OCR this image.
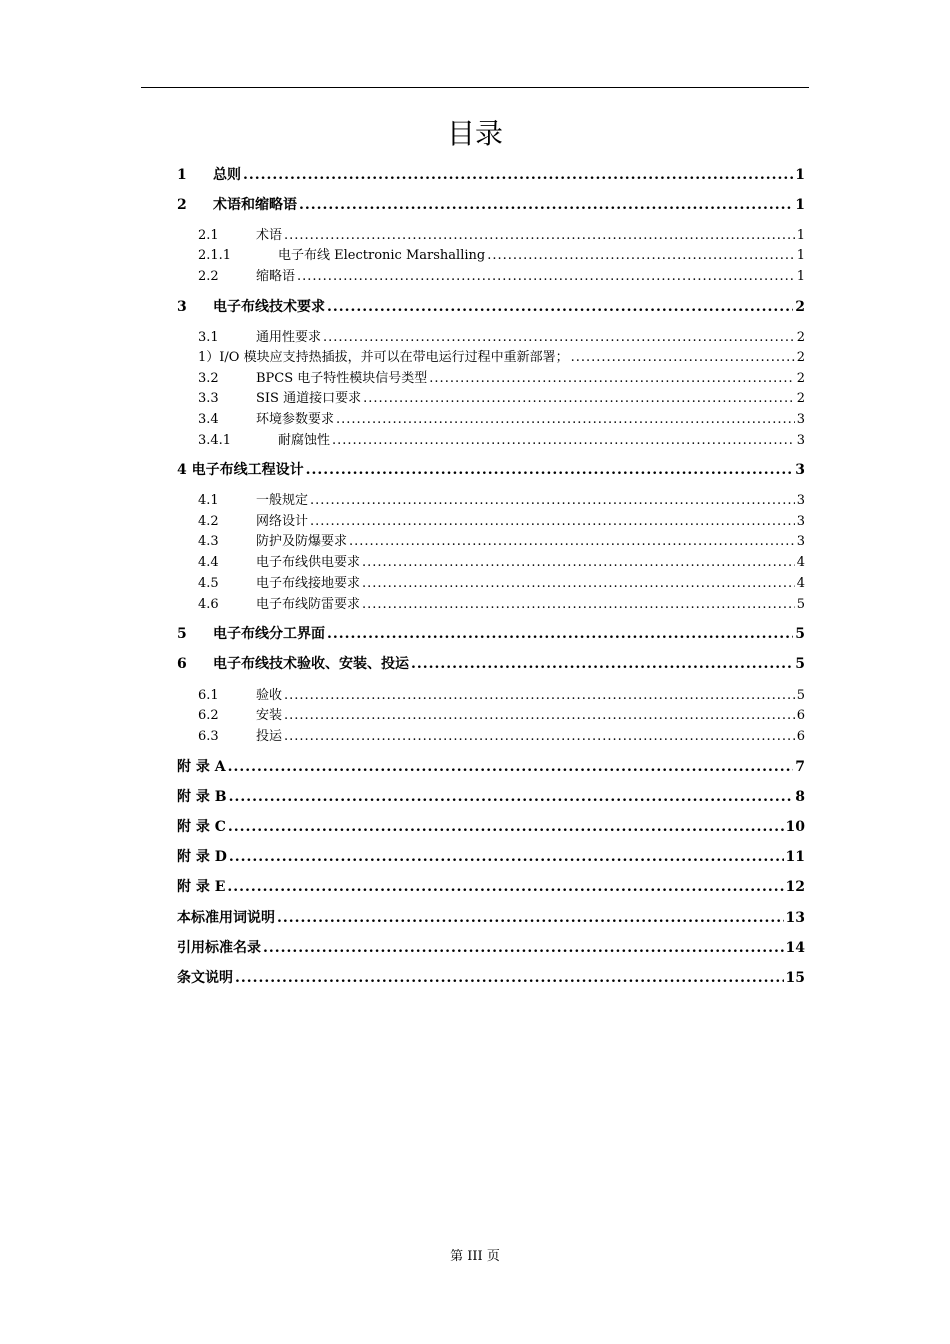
目录
1	总则 .....	1
2	术语和缩略语 .....	1
2.1	术语 .....	1
2.1.1	电子布线 Electronic Marshalling .....	1
2.2	缩略语 .....	1
3	电子布线技术要求 .....	2
3.1	通用性要求 .....	2
1）I/O 模块应支持热插拔，并可以在带电运行过程中重新部署； .....	2
3.2	BPCS 电子特性模块信号类型 .....	2
3.3	SIS 通道接口要求 .....	2
3.4	环境参数要求 .....	3
3.4.1	耐腐蚀性 .....	3
4 电子布线工程设计 .....	3
4.1	一般规定 .....	3
4.2	网络设计 .....	3
4.3	防护及防爆要求 .....	3
4.4	电子布线供电要求 .....	4
4.5	电子布线接地要求 .....	4
4.6	电子布线防雷要求 .....	5
5	电子布线分工界面 .....	5
6	电子布线技术验收、安装、投运 .....	5
6.1	验收 .....	5
6.2	安装 .....	6
6.3	投运 .....	6
附 录 A .....	7
附 录 B .....	8
附 录 C .....	10
附 录 D .....	11
附 录 E .....	12
本标准用词说明 .....	13
引用标准名录 .....	14
条文说明 .....	15
第 III 页
